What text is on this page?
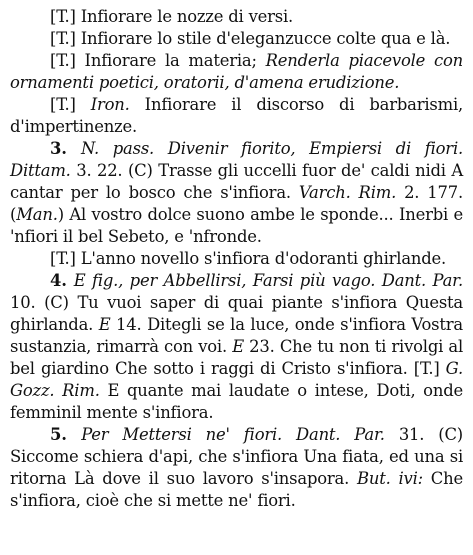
[T.] Infiorare le nozze di versi.

[T.] Infiorare lo stile d'eleganzucce colte qua e là.

[T.] Infiorare la materia; Renderla piacevole con ornamenti poetici, oratorii, d'amena erudizione.

[T.] Iron. Infiorare il discorso di barbarismi, d'impertinenze.

3. N. pass. Divenir fiorito, Empiersi di fiori. Dittam. 3. 22. (C) Trasse gli uccelli fuor de' caldi nidi A cantar per lo bosco che s'infiora. Varch. Rim. 2. 177. (Man.) Al vostro dolce suono ambe le sponde... Inerbi e 'nfiori il bel Sebeto, e 'nfronde.

[T.] L'anno novello s'infiora d'odoranti ghirlande.

4. E fig., per Abbellirsi, Farsi più vago. Dant. Par. 10. (C) Tu vuoi saper di quai piante s'infiora Questa ghirlanda. E 14. Ditegli se la luce, onde s'infiora Vostra sustanzia, rimarrà con voi. E 23. Che tu non ti rivolgi al bel giardino Che sotto i raggi di Cristo s'infiora. [T.] G. Gozz. Rim. E quante mai laudate o intese, Doti, onde femminil mente s'infiora.

5. Per Mettersi ne' fiori. Dant. Par. 31. (C) Siccome schiera d'api, che s'infiora Una fiata, ed una si ritorna Là dove il suo lavoro s'insapora. But. ivi: Che s'infiora, cioè che si mette ne' fiori.
